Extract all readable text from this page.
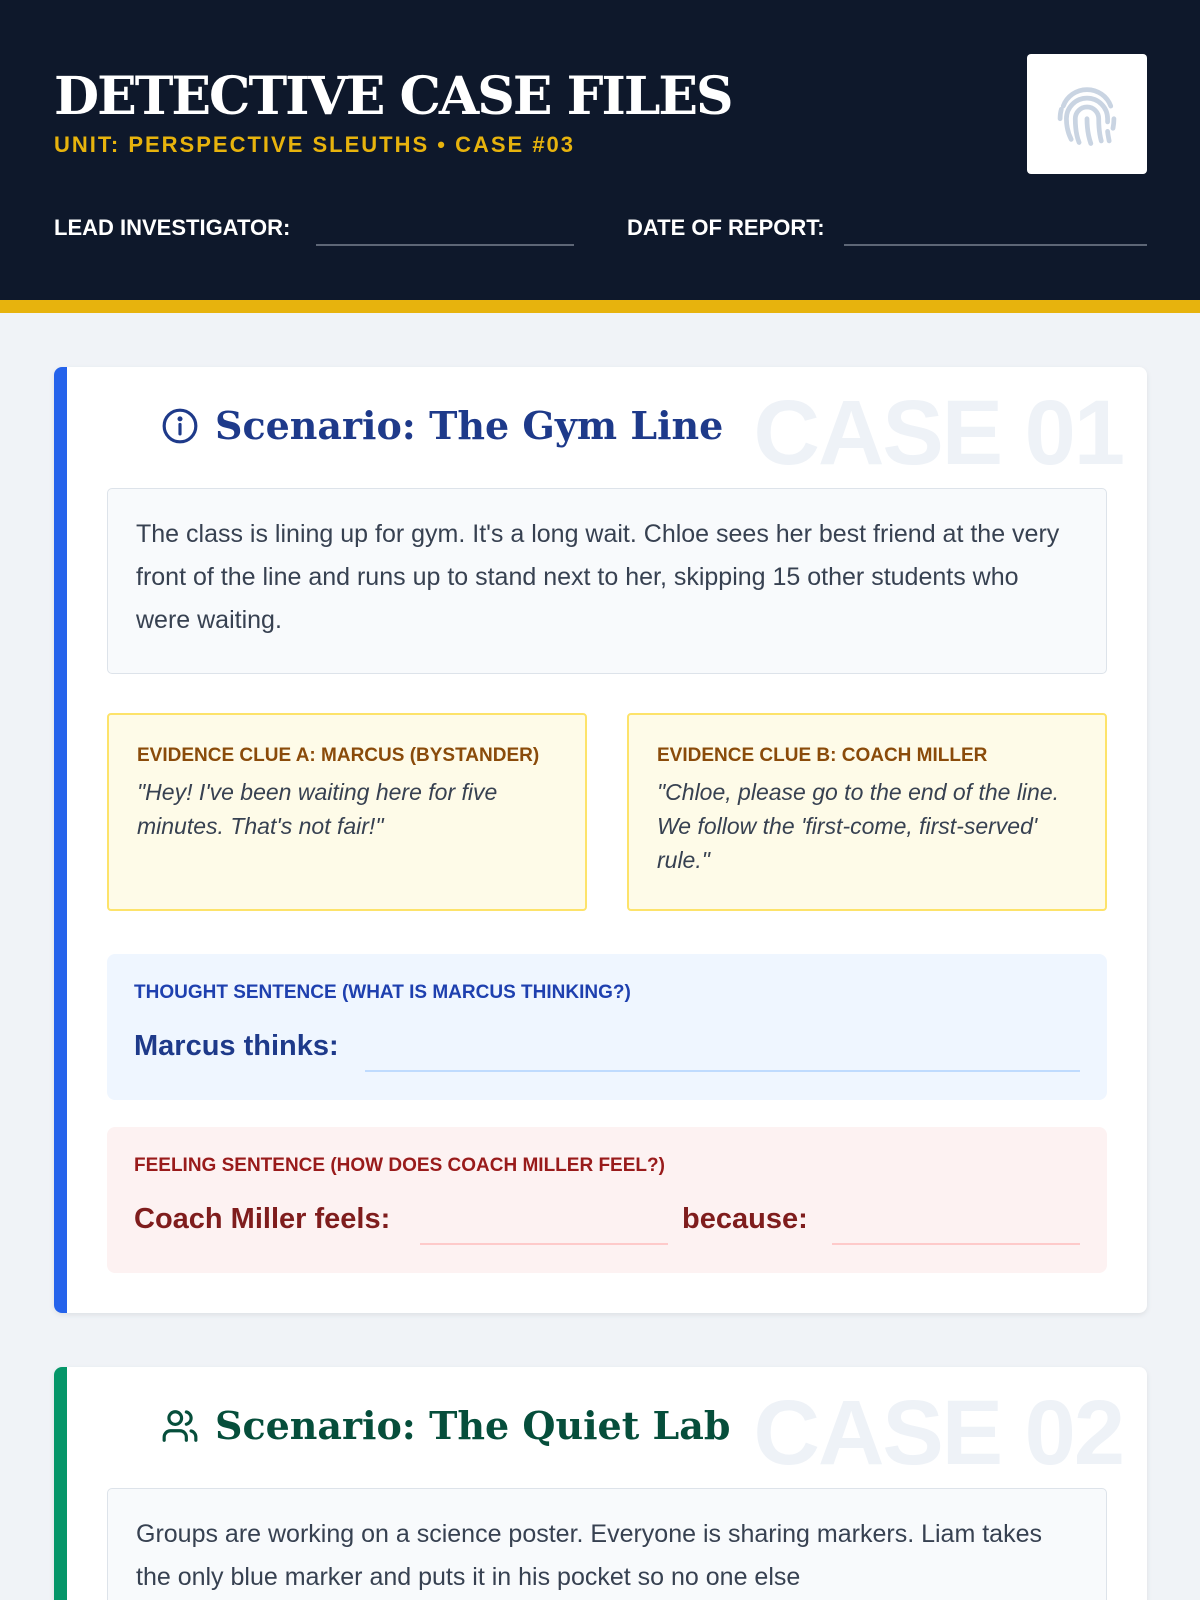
DETECTIVE CASE FILES
UNIT: PERSPECTIVE SLEUTHS • CASE #03
LEAD INVESTIGATOR:	DATE OF REPORT:
CASE 01
Scenario: The Gym Line
The class is lining up for gym. It's a long wait. Chloe sees her best friend at the very front of the line and runs up to stand next to her, skipping 15 other students who were waiting.
EVIDENCE CLUE A: MARCUS (BYSTANDER)
"Hey! I've been waiting here for five minutes. That's not fair!"
EVIDENCE CLUE B: COACH MILLER
"Chloe, please go to the end of the line. We follow the 'first-come, first-served' rule."
THOUGHT SENTENCE (WHAT IS MARCUS THINKING?)
Marcus thinks:
FEELING SENTENCE (HOW DOES COACH MILLER FEEL?)
Coach Miller feels:	because:
CASE 02
Scenario: The Quiet Lab
Groups are working on a science poster. Everyone is sharing markers. Liam takes the only blue marker and puts it in his pocket so no one else
